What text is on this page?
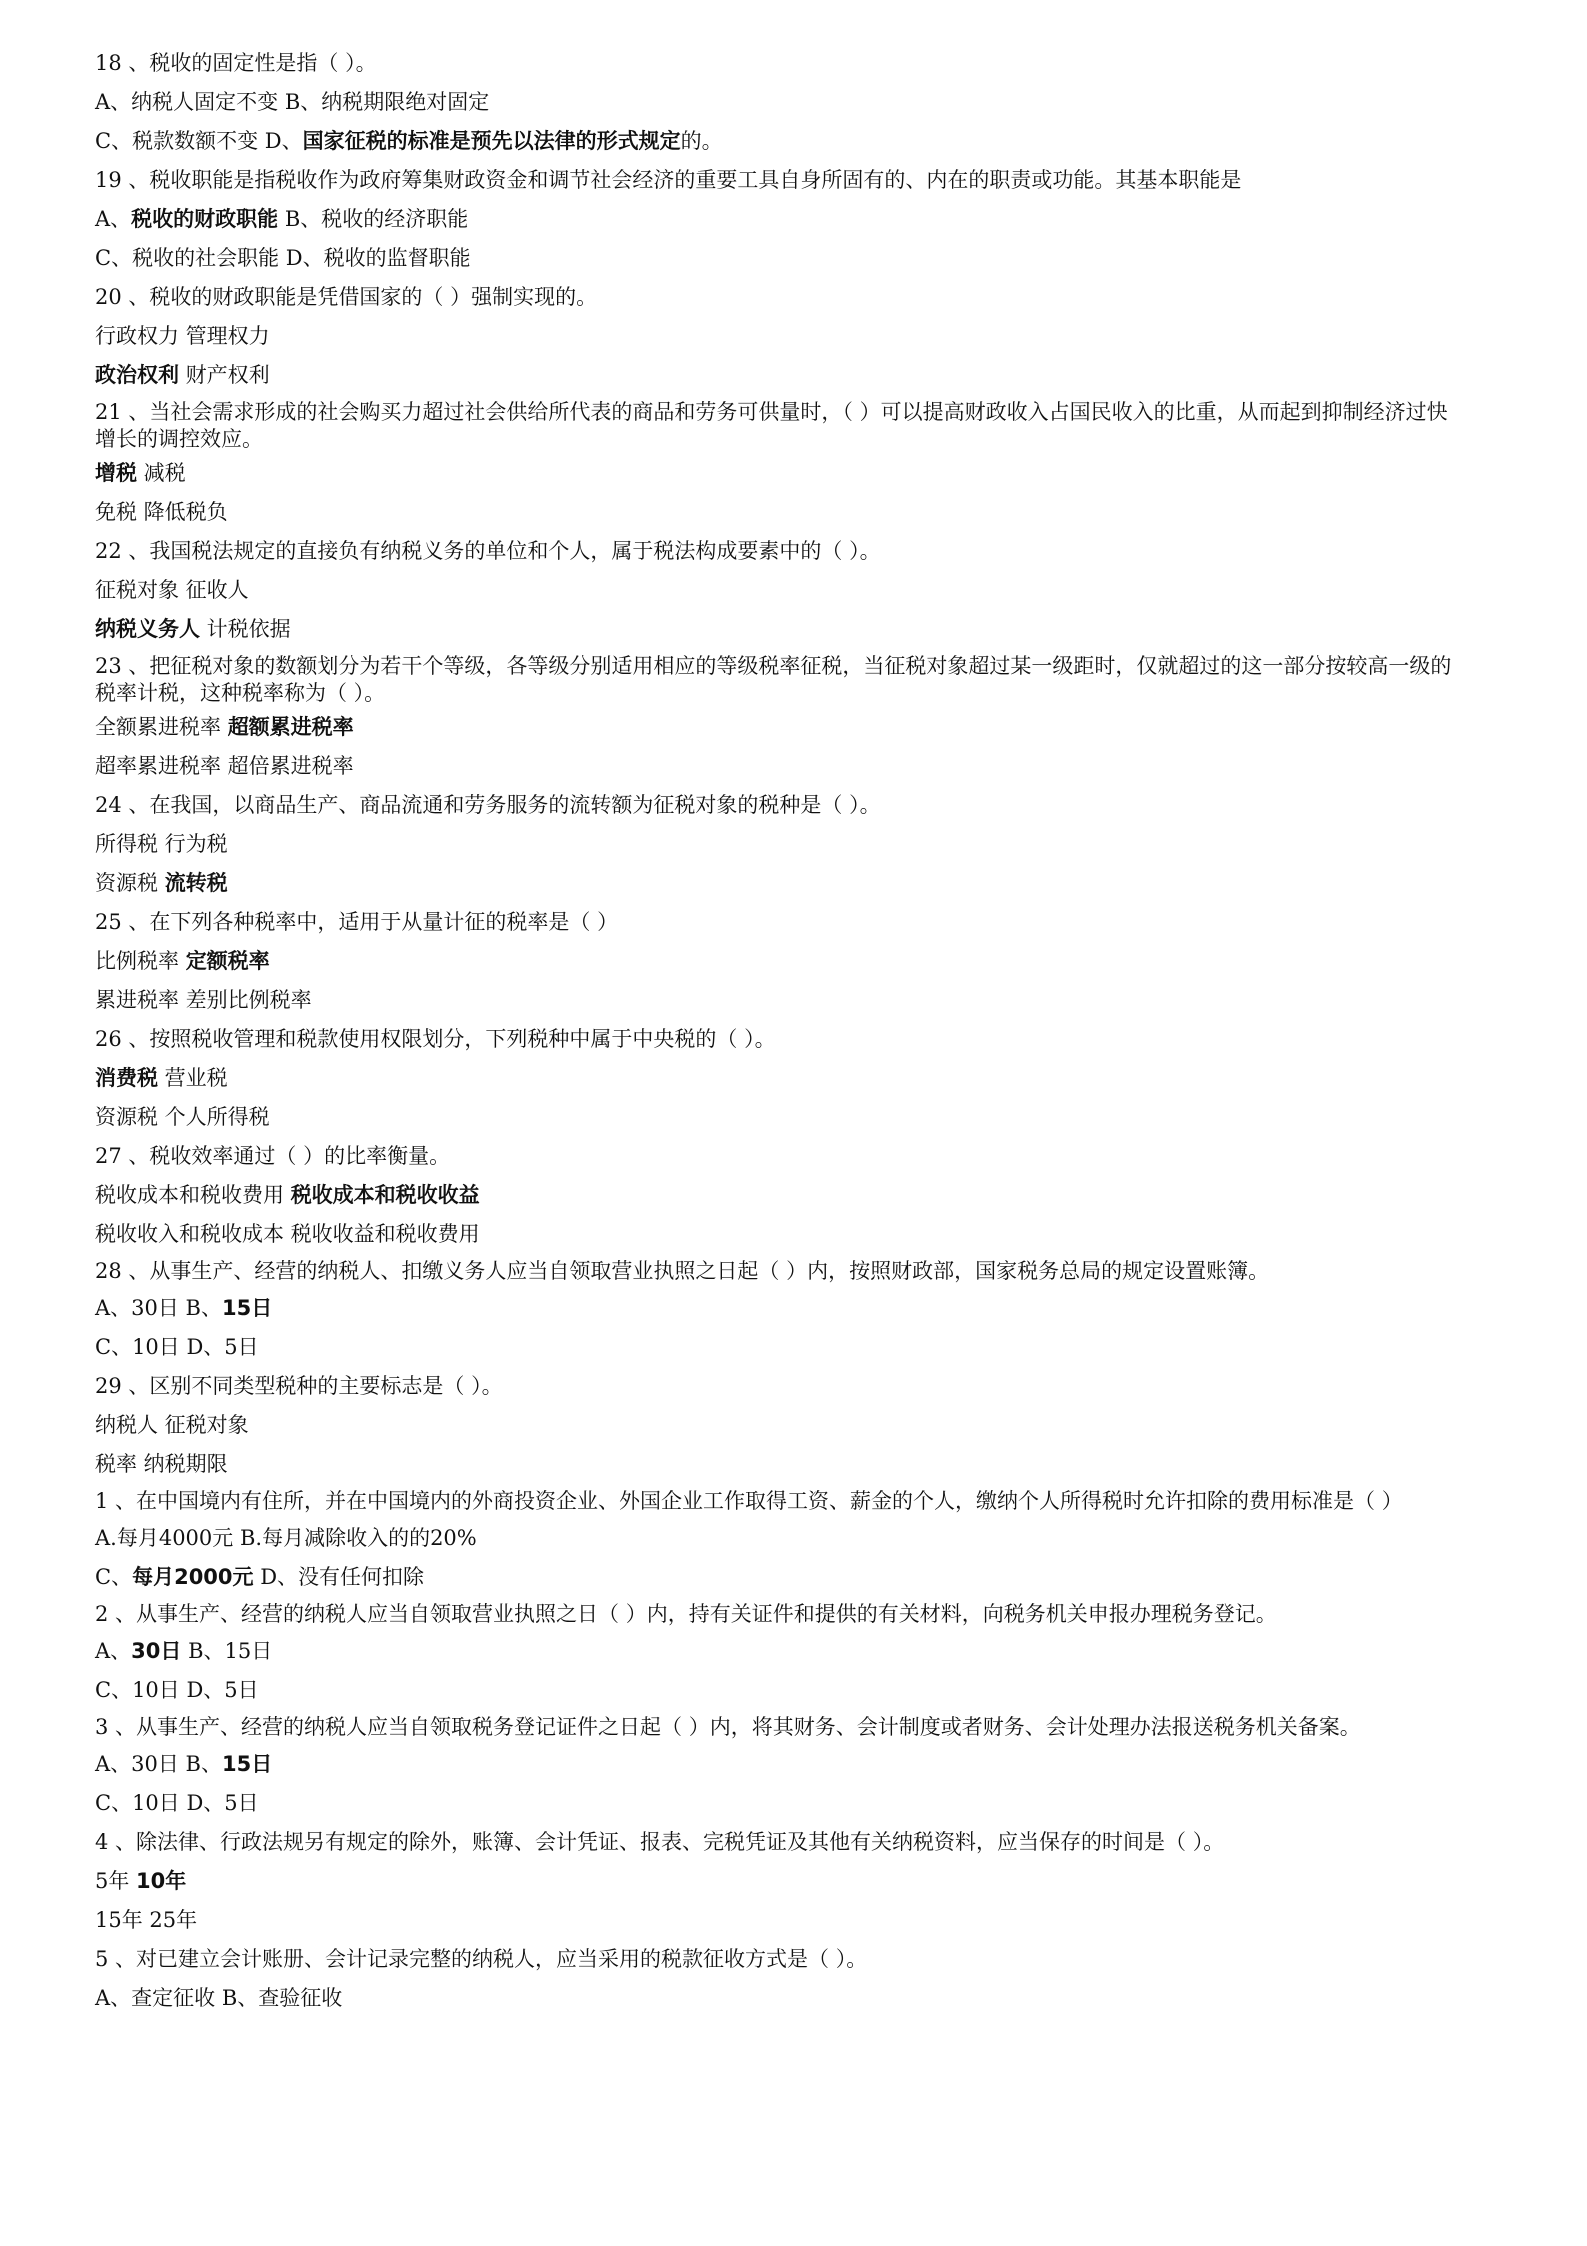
18 、税收的固定性是指（ ）。

A、纳税人固定不变 B、纳税期限绝对固定

C、税款数额不变 D、国家征税的标准是预先以法律的形式规定的。

19 、税收职能是指税收作为政府筹集财政资金和调节社会经济的重要工具自身所固有的、内在的职责或功能。其基本职能是

A、税收的财政职能 B、税收的经济职能

C、税收的社会职能 D、税收的监督职能

20 、税收的财政职能是凭借国家的（ ）强制实现的。

行政权力 管理权力

政治权利 财产权利

21 、当社会需求形成的社会购买力超过社会供给所代表的商品和劳务可供量时，（ ）可以提高财政收入占国民收入的比重，从而起到抑制经济过快增长的调控效应。

增税 减税

免税 降低税负

22 、我国税法规定的直接负有纳税义务的单位和个人，属于税法构成要素中的（ ）。

征税对象 征收人

纳税义务人 计税依据

23 、把征税对象的数额划分为若干个等级，各等级分别适用相应的等级税率征税，当征税对象超过某一级距时，仅就超过的这一部分按较高一级的税率计税，这种税率称为（ ）。

全额累进税率 超额累进税率

超率累进税率 超倍累进税率

24 、在我国，以商品生产、商品流通和劳务服务的流转额为征税对象的税种是（ ）。

所得税 行为税

资源税 流转税

25 、在下列各种税率中，适用于从量计征的税率是（ ）

比例税率 定额税率

累进税率 差别比例税率

26 、按照税收管理和税款使用权限划分，下列税种中属于中央税的（ ）。

消费税 营业税

资源税 个人所得税

27 、税收效率通过（ ）的比率衡量。

税收成本和税收费用 税收成本和税收收益

税收收入和税收成本 税收收益和税收费用

28 、从事生产、经营的纳税人、扣缴义务人应当自领取营业执照之日起（ ）内，按照财政部，国家税务总局的规定设置账簿。

A、30日 B、15日

C、10日 D、5日

29 、区别不同类型税种的主要标志是（ ）。

纳税人 征税对象

税率 纳税期限

1 、在中国境内有住所，并在中国境内的外商投资企业、外国企业工作取得工资、薪金的个人，缴纳个人所得税时允许扣除的费用标准是（ ）

A.每月4000元 B.每月减除收入的的20%

C、每月2000元 D、没有任何扣除

2 、从事生产、经营的纳税人应当自领取营业执照之日（ ）内，持有关证件和提供的有关材料，向税务机关申报办理税务登记。

A、30日 B、15日

C、10日 D、5日

3 、从事生产、经营的纳税人应当自领取税务登记证件之日起（ ）内，将其财务、会计制度或者财务、会计处理办法报送税务机关备案。

A、30日 B、15日

C、10日 D、5日

4 、除法律、行政法规另有规定的除外，账簿、会计凭证、报表、完税凭证及其他有关纳税资料，应当保存的时间是（ ）。

5年 10年

15年 25年

5 、对已建立会计账册、会计记录完整的纳税人，应当采用的税款征收方式是（ ）。

A、查定征收 B、查验征收
